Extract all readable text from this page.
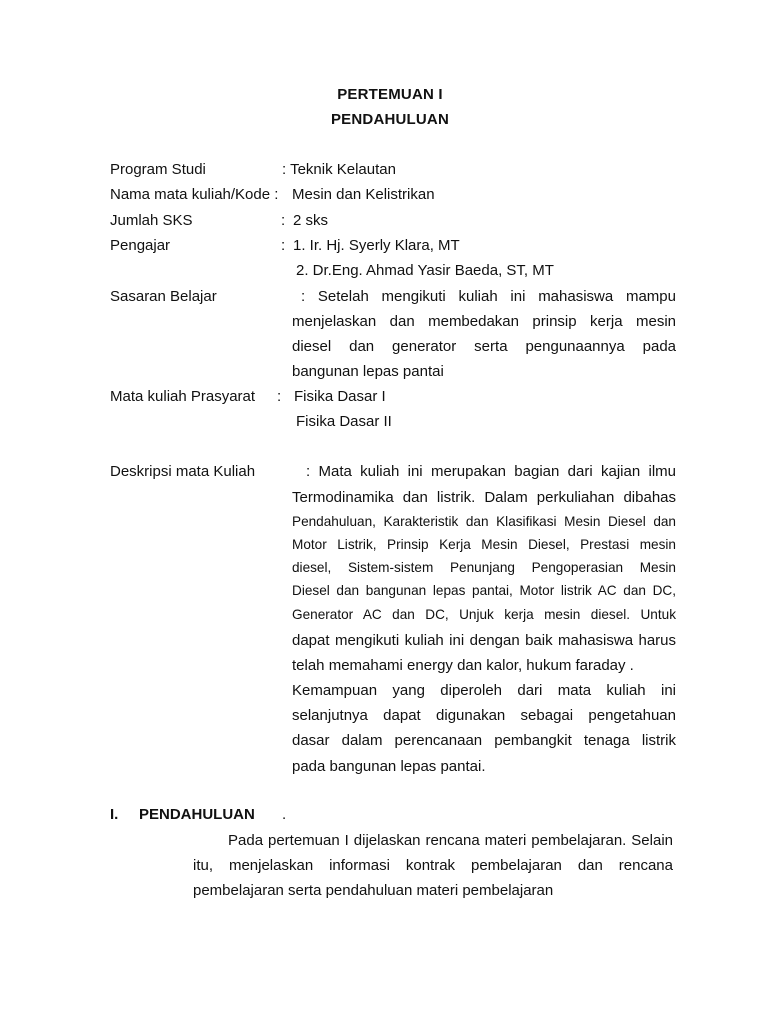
PERTEMUAN I
PENDAHULUAN
Program Studi	: Teknik Kelautan
Nama mata kuliah/Kode : Mesin dan Kelistrikan
Jumlah SKS	: 2 sks
Pengajar	: 1. Ir. Hj. Syerly Klara, MT
2. Dr.Eng. Ahmad Yasir Baeda, ST, MT
Sasaran Belajar	: Setelah mengikuti kuliah ini mahasiswa mampu
menjelaskan dan membedakan prinsip kerja mesin
diesel dan generator serta pengunaannya pada
bangunan lepas pantai
Mata kuliah Prasyarat : Fisika Dasar I
Fisika Dasar II
Deskripsi mata Kuliah	: Mata kuliah ini merupakan bagian dari kajian ilmu
Termodinamika dan listrik. Dalam perkuliahan dibahas
Pendahuluan, Karakteristik dan Klasifikasi Mesin Diesel dan
Motor Listrik, Prinsip Kerja Mesin Diesel, Prestasi mesin
diesel, Sistem-sistem Penunjang Pengoperasian Mesin
Diesel dan bangunan lepas pantai, Motor listrik AC dan DC,
Generator AC dan DC, Unjuk kerja mesin diesel. Untuk
dapat mengikuti kuliah ini dengan baik mahasiswa harus
telah memahami energy dan kalor, hukum faraday .
Kemampuan yang diperoleh dari mata kuliah ini
selanjutnya dapat digunakan sebagai pengetahuan
dasar dalam perencanaan pembangkit tenaga listrik
pada bangunan lepas pantai.
I. PENDAHULUAN .
Pada pertemuan I dijelaskan rencana materi pembelajaran. Selain
itu, menjelaskan informasi kontrak pembelajaran dan rencana
pembelajaran serta pendahuluan materi pembelajaran
